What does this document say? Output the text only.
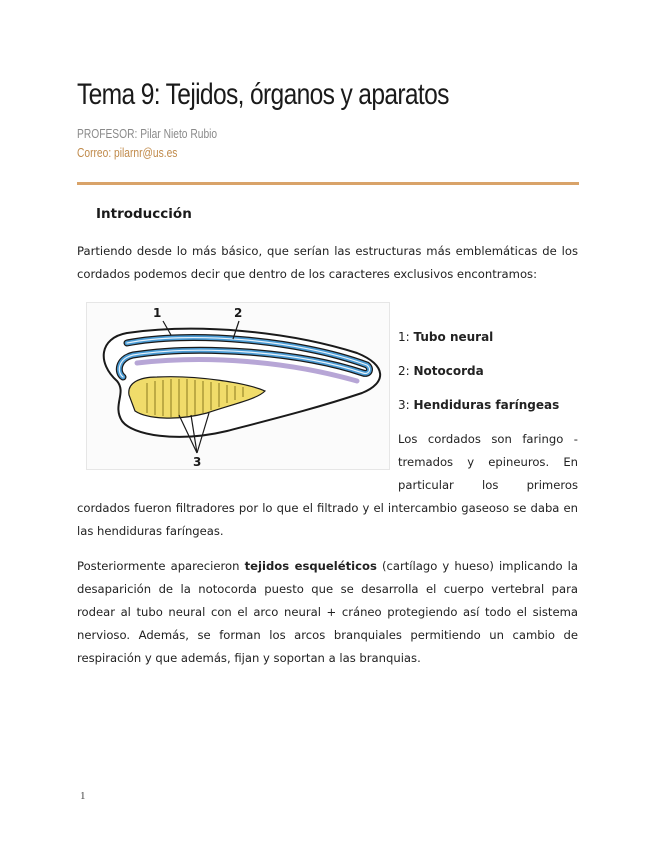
Tema 9: Tejidos, órganos y aparatos
PROFESOR: Pilar Nieto Rubio
Correo: pilarnr@us.es
Introducción
Partiendo desde lo más básico, que serían las estructuras más emblemáticas de los cordados podemos decir que dentro de los caracteres exclusivos encontramos:
1	2
3
1: Tubo neural
2: Notocorda
3: Hendiduras faríngeas
Los cordados son faringo - tremados y epineuros. En particular los primeros
cordados fueron filtradores por lo que el filtrado y el intercambio gaseoso se daba en las hendiduras faríngeas.
Posteriormente aparecieron tejidos esqueléticos (cartílago y hueso) implicando la desaparición de la notocorda puesto que se desarrolla el cuerpo vertebral para rodear al tubo neural con el arco neural + cráneo protegiendo así todo el sistema nervioso. Además, se forman los arcos branquiales permitiendo un cambio de respiración y que además, fijan y soportan a las branquias.
1
